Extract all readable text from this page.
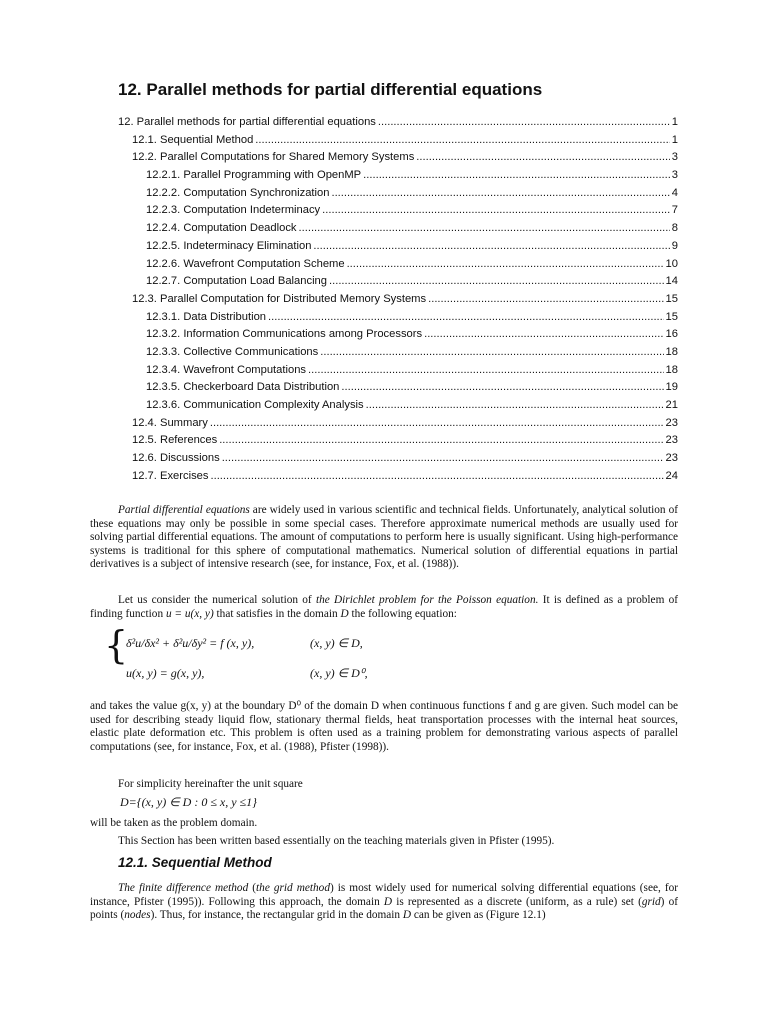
12. Parallel methods for partial differential equations
12. Parallel methods for partial differential equations .....	1
12.1. Sequential Method .....	1
12.2. Parallel Computations for Shared Memory Systems .....	3
12.2.1. Parallel Programming with OpenMP .....	3
12.2.2. Computation Synchronization .....	4
12.2.3. Computation Indeterminacy .....	7
12.2.4. Computation Deadlock .....	8
12.2.5. Indeterminacy Elimination .....	9
12.2.6. Wavefront Computation Scheme .....	10
12.2.7. Computation Load Balancing .....	14
12.3. Parallel Computation for Distributed Memory Systems .....	15
12.3.1. Data Distribution .....	15
12.3.2. Information Communications among Processors .....	16
12.3.3. Collective Communications .....	18
12.3.4. Wavefront Computations .....	18
12.3.5. Checkerboard Data Distribution .....	19
12.3.6. Communication Complexity Analysis .....	21
12.4. Summary .....	23
12.5. References .....	23
12.6. Discussions .....	23
12.7. Exercises .....	24

Partial differential equations are widely used in various scientific and technical fields. Unfortunately, analytical solution of these equations may only be possible in some special cases. Therefore approximate numerical methods are usually used for solving partial differential equations. The amount of computations to perform here is usually significant. Using high-performance systems is traditional for this sphere of computational mathematics. Numerical solution of differential equations in partial derivatives is a subject of intensive research (see, for instance, Fox, et al. (1988)).

Let us consider the numerical solution of the Dirichlet problem for the Poisson equation. It is defined as a problem of finding function u = u(x, y) that satisfies in the domain D the following equation:

{
δ²u/δx² + δ²u/δy² = f (x, y),	(x, y) ∈ D,
u(x, y) = g(x, y),	(x, y) ∈ D⁰,

and takes the value g(x, y) at the boundary D⁰ of the domain D when continuous functions f and g are given. Such model can be used for describing steady liquid flow, stationary thermal fields, heat transportation processes with the internal heat sources, elastic plate deformation etc. This problem is often used as a training problem for demonstrating various aspects of parallel computations (see, for instance, Fox, et al. (1988), Pfister (1998)).

For simplicity hereinafter the unit square

D={(x, y) ∈ D : 0 ≤ x, y ≤1}

will be taken as the problem domain.

This Section has been written based essentially on the teaching materials given in Pfister (1995).

12.1. Sequential Method

The finite difference method (the grid method) is most widely used for numerical solving differential equations (see, for instance, Pfister (1995)). Following this approach, the domain D is represented as a discrete (uniform, as a rule) set (grid) of points (nodes). Thus, for instance, the rectangular grid in the domain D can be given as (Figure 12.1)
